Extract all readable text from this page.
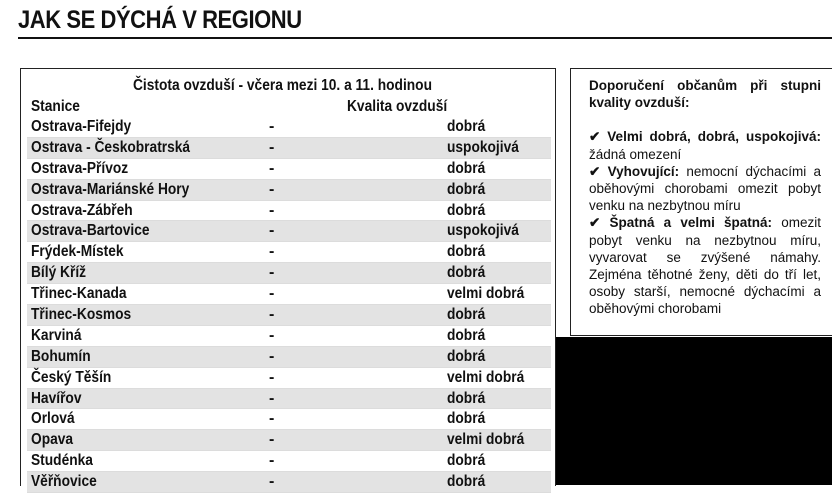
JAK SE DÝCHÁ V REGIONU
Čistota ovzduší - včera mezi 10. a 11. hodinou
Stanice	Kvalita ovzduší
Ostrava-Fifejdy	-	dobrá
Ostrava - Českobratrská	-	uspokojivá
Ostrava-Přívoz	-	dobrá
Ostrava-Mariánské Hory	-	dobrá
Ostrava-Zábřeh	-	dobrá
Ostrava-Bartovice	-	uspokojivá
Frýdek-Místek	-	dobrá
Bílý Kříž	-	dobrá
Třinec-Kanada	-	velmi dobrá
Třinec-Kosmos	-	dobrá
Karviná	-	dobrá
Bohumín	-	dobrá
Český Těšín	-	velmi dobrá
Havířov	-	dobrá
Orlová	-	dobrá
Opava	-	velmi dobrá
Studénka	-	dobrá
Věřňovice	-	dobrá
Doporučení občanům při stupni kvality ovzduší:
✔ Velmi dobrá, dobrá, uspokojivá: žádná omezení
✔ Vyhovující: nemocní dýchacími a oběhovými chorobami omezit pobyt venku na nezbytnou míru
✔ Špatná a velmi špatná: omezit pobyt venku na nezbytnou míru, vyvarovat se zvýšené námahy. Zejména těhotné ženy, děti do tří let, osoby starší, nemocné dýchacími a oběhovými chorobami
